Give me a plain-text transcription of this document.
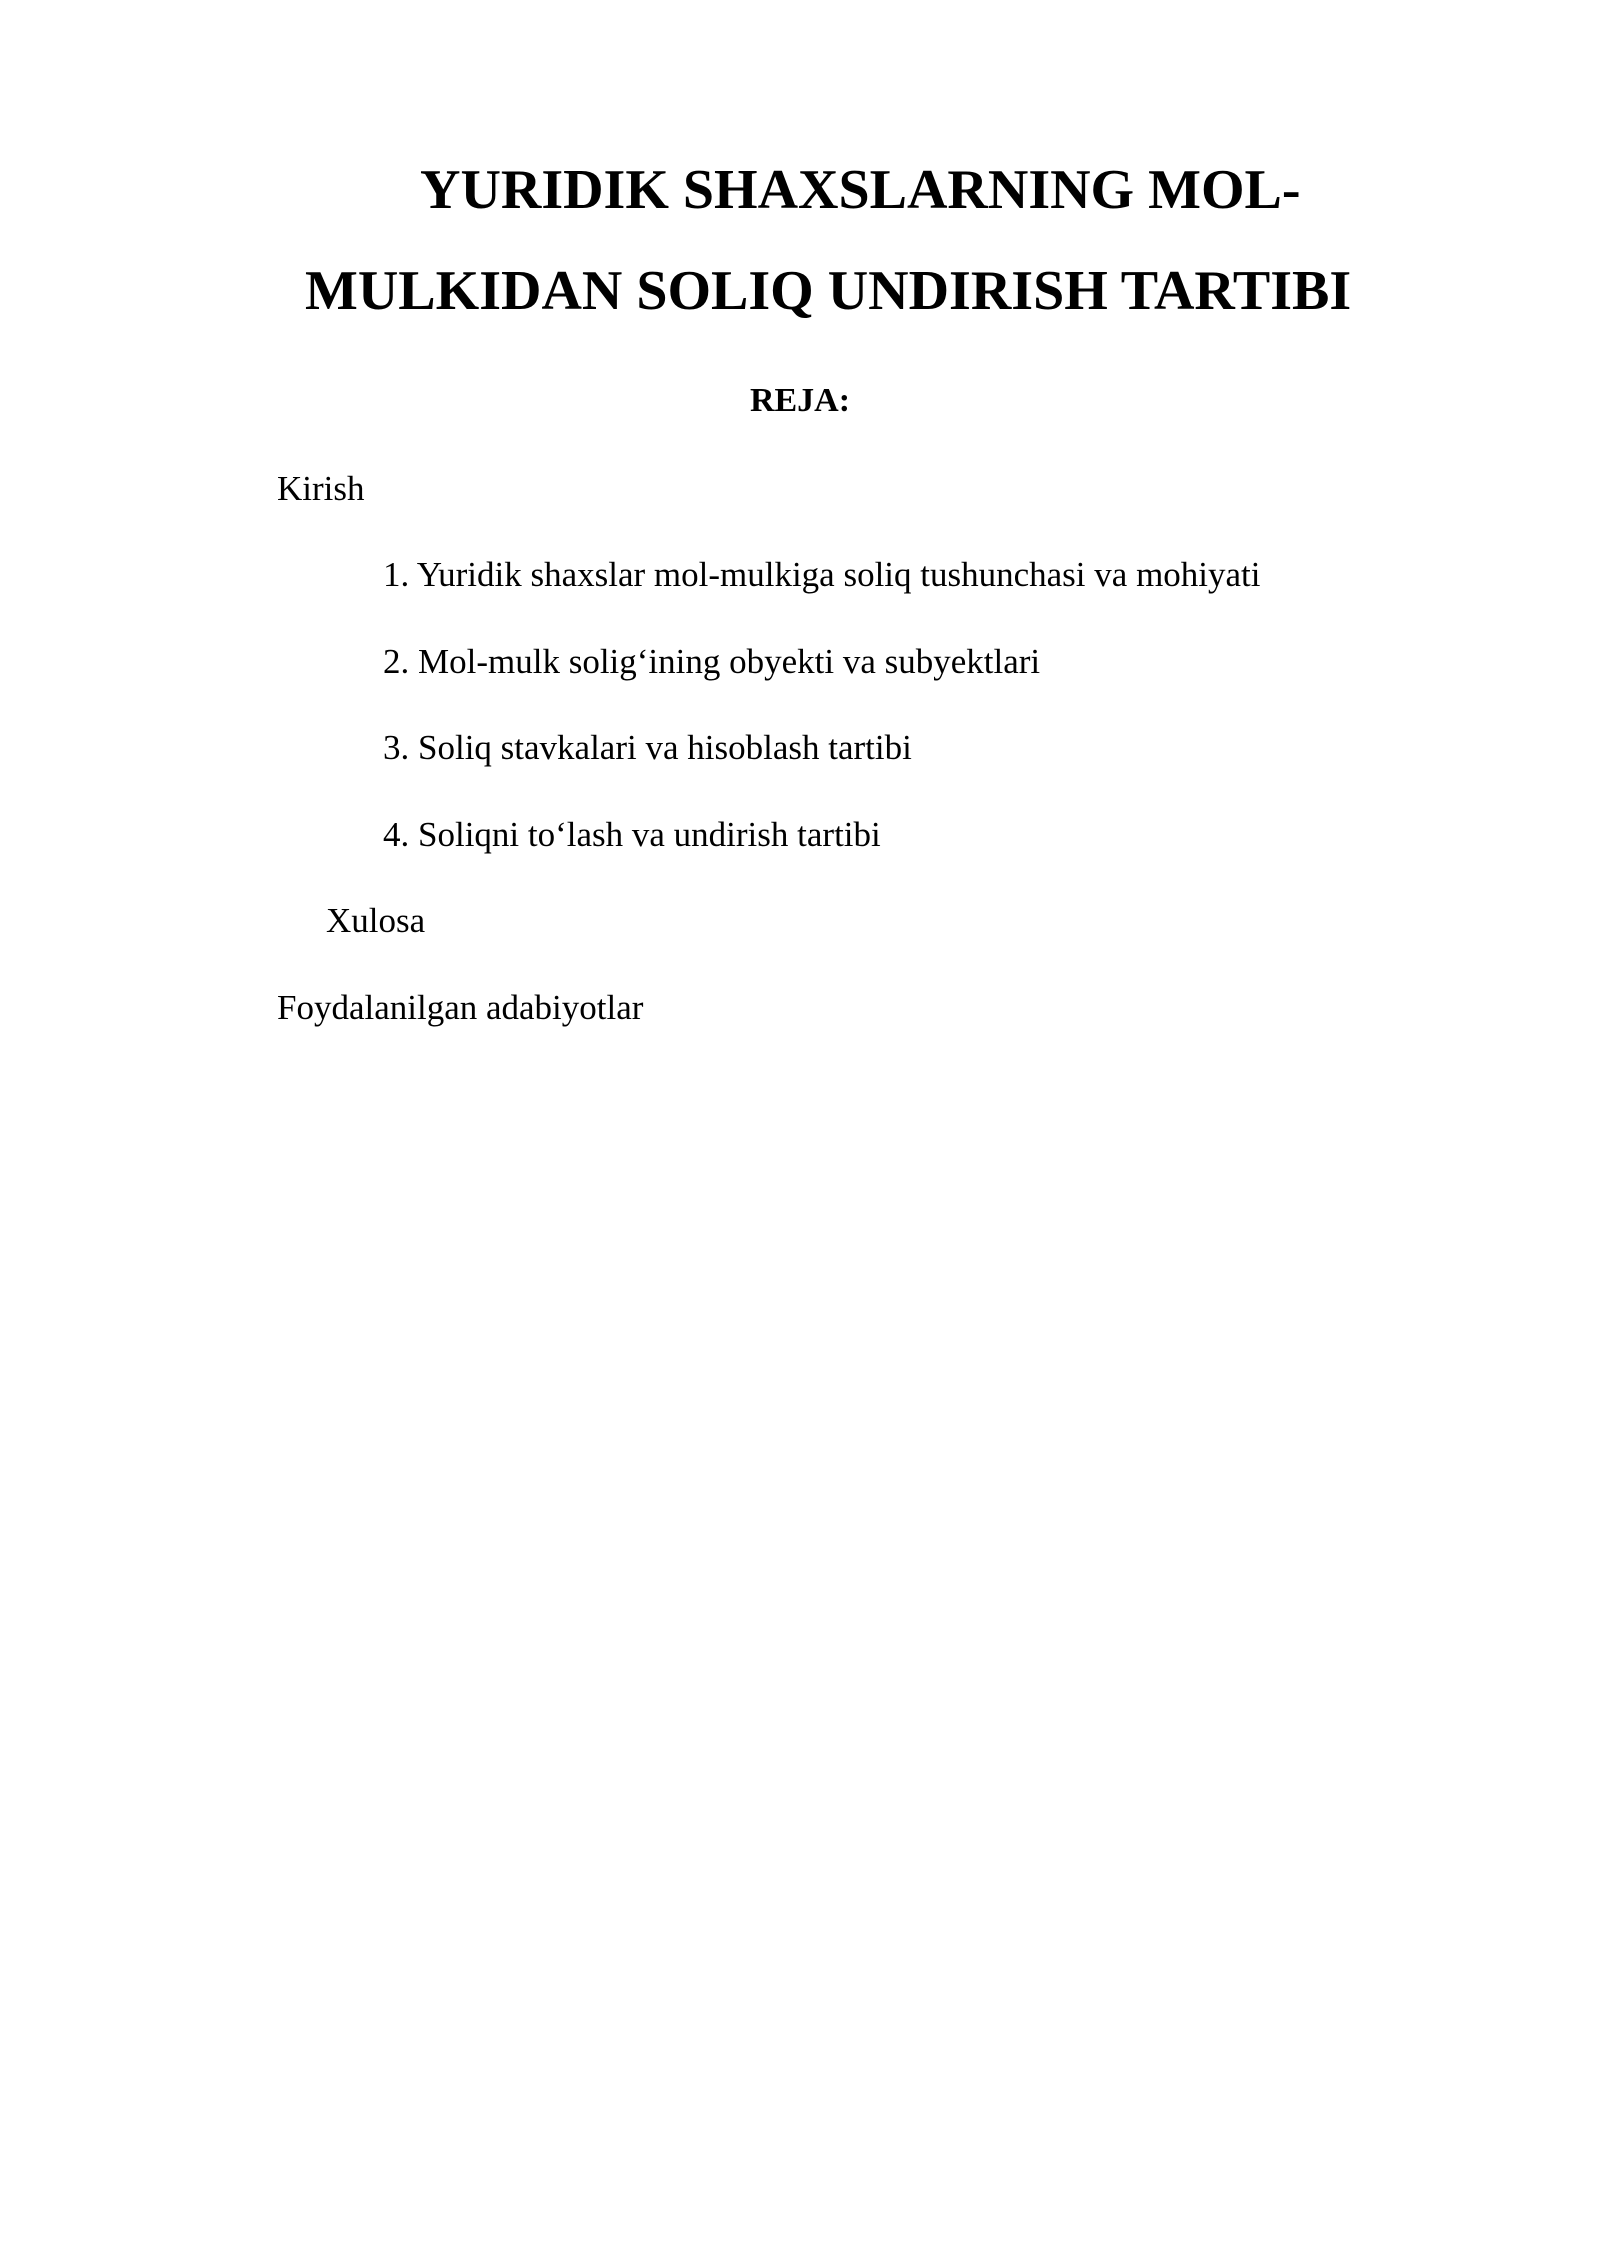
YURIDIK SHAXSLARNING MOL-
MULKIDAN SOLIQ UNDIRISH TARTIBI

REJA:

Kirish

1. Yuridik shaxslar mol-mulkiga soliq tushunchasi va mohiyati
2. Mol-mulk solig‘ining obyekti va subyektlari
3. Soliq stavkalari va hisoblash tartibi
4. Soliqni to‘lash va undirish tartibi

Xulosa

Foydalanilgan adabiyotlar
